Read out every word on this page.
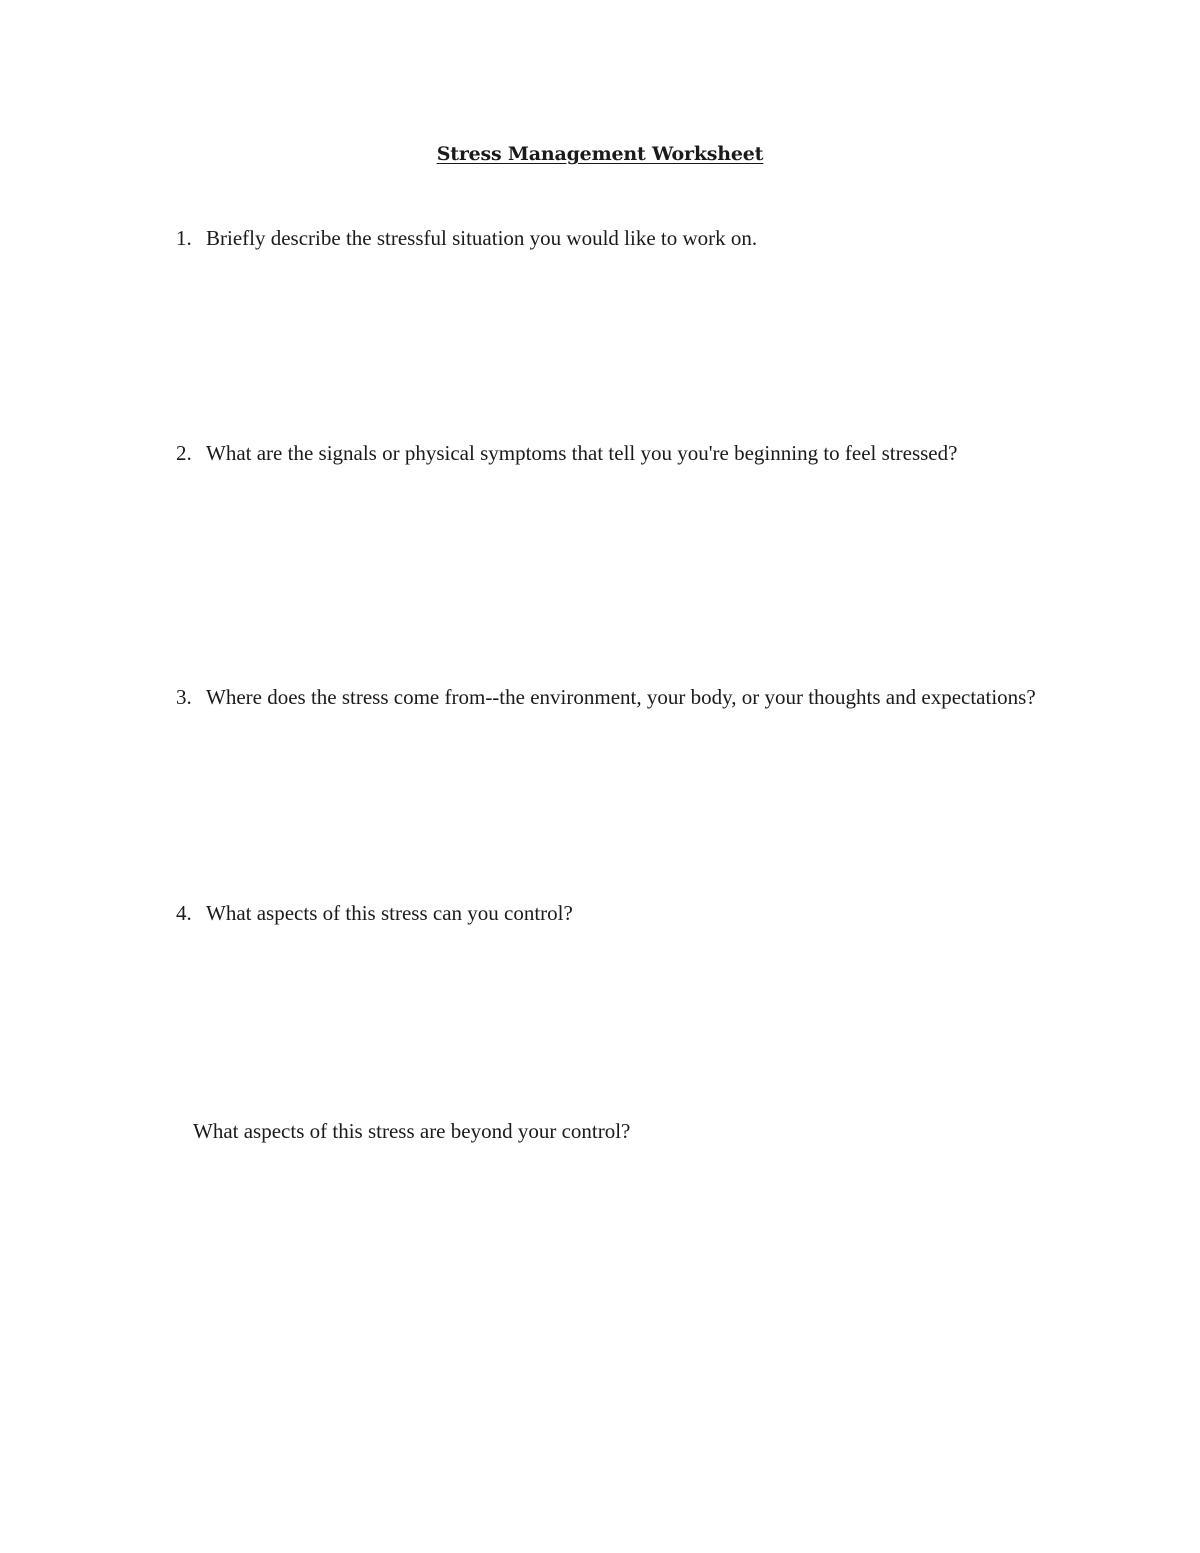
Stress Management Worksheet
1. Briefly describe the stressful situation you would like to work on.
2. What are the signals or physical symptoms that tell you you're beginning to feel stressed?
3. Where does the stress come from--the environment, your body, or your thoughts and expectations?
4. What aspects of this stress can you control?
What aspects of this stress are beyond your control?
